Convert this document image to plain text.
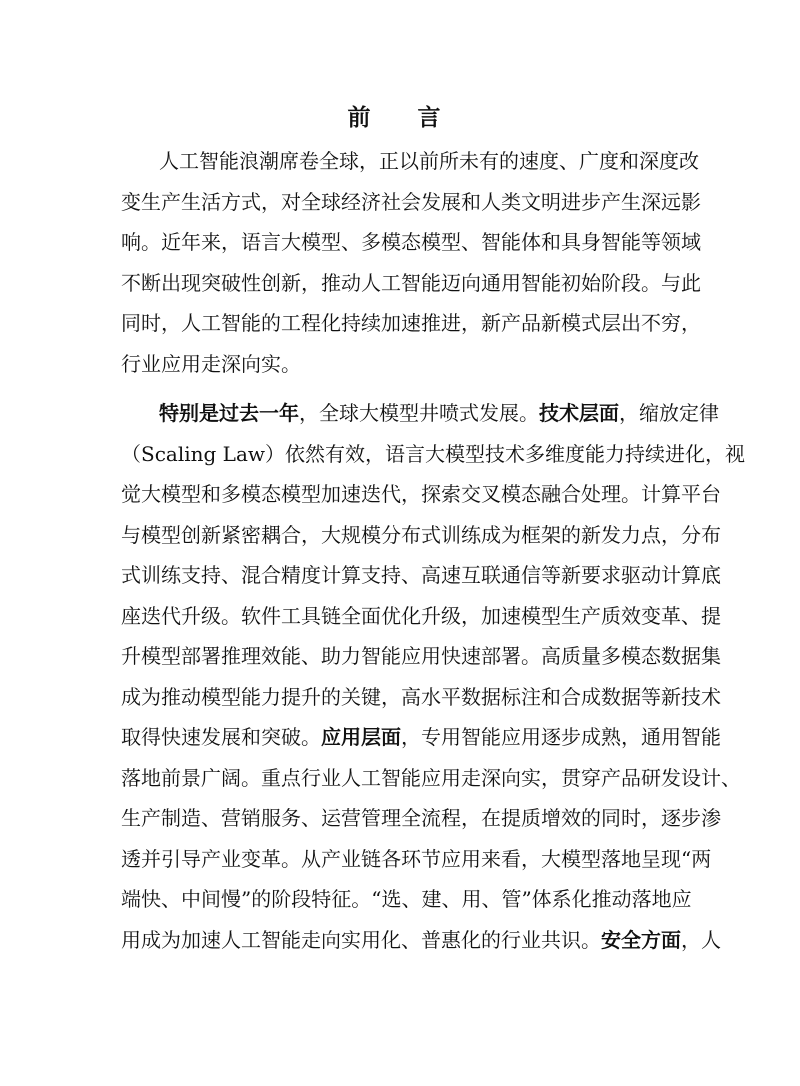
前　言
人工智能浪潮席卷全球，正以前所未有的速度、广度和深度改
变生产生活方式，对全球经济社会发展和人类文明进步产生深远影
响。近年来，语言大模型、多模态模型、智能体和具身智能等领域
不断出现突破性创新，推动人工智能迈向通用智能初始阶段。与此
同时，人工智能的工程化持续加速推进，新产品新模式层出不穷，
行业应用走深向实。
特别是过去一年，全球大模型井喷式发展。技术层面，缩放定律
（Scaling Law）依然有效，语言大模型技术多维度能力持续进化，视
觉大模型和多模态模型加速迭代，探索交叉模态融合处理。计算平台
与模型创新紧密耦合，大规模分布式训练成为框架的新发力点，分布
式训练支持、混合精度计算支持、高速互联通信等新要求驱动计算底
座迭代升级。软件工具链全面优化升级，加速模型生产质效变革、提
升模型部署推理效能、助力智能应用快速部署。高质量多模态数据集
成为推动模型能力提升的关键，高水平数据标注和合成数据等新技术
取得快速发展和突破。应用层面，专用智能应用逐步成熟，通用智能
落地前景广阔。重点行业人工智能应用走深向实，贯穿产品研发设计、
生产制造、营销服务、运营管理全流程，在提质增效的同时，逐步渗
透并引导产业变革。从产业链各环节应用来看，大模型落地呈现“两
端快、中间慢”的阶段特征。“选、建、用、管”体系化推动落地应
用成为加速人工智能走向实用化、普惠化的行业共识。安全方面，人
